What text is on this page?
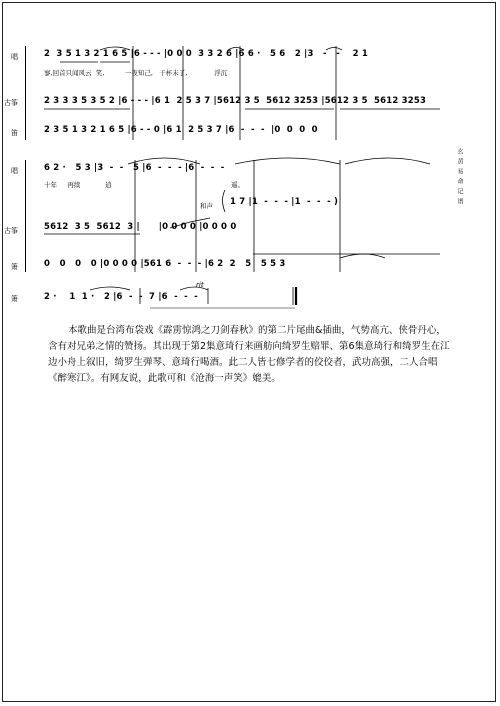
唱
古筝
笛
2  3 5 1 3 2 1 6 5 |6 - - - |0 0 0  3 3 2 6 |6 6 ·   5 6   2 |3   -   -    2 1
寥,回首只闻风云  笑,          一夜知己,   干杯未了,             浮沉
2 3 3 3 5 3 5 2 |6 - - - |6 1  2 5 3 7 |5612 3 5  5612 3253 |5612 3 5  5612 3253
2 3 5 1 3 2 1 6 5 |6 - - 0 |6 1  2 5 3 7 |6  -  -  -  |0  0  0  0
唱
古筝
箫
6 2 ·   5 3 |3  -  -   5 |6  -  -  - |6  -  -  -
十年     再续            逍	遥。
和声 1 7 |1  -  -  - |1  -  -  - )
5612  3 5  5612  3 |      |0 0 0 0 |0 0 0 0
0   0   0   0 |0 0 0 0 |561 6  -  -  - |6 2  2   5   5 5 3
玄黄易命记谱
箫	2 ·    1  1 ·   2 |6  -  -  7 |6  -  -  -
rit
本歌曲是台湾布袋戏《霹雳惊鸿之刀剑春秋》的第二片尾曲&插曲，气势高亢、侠骨丹心，含有对兄弟之情的赞扬。其出现于第2集意琦行来画舫向绮罗生赔罪、第6集意琦行和绮罗生在江边小舟上叙旧，绮罗生弹琴、意琦行喝酒。此二人皆七修学者的佼佼者，武功高强，二人合唱《醉寒江》。有网友说，此歌可和《沧海一声笑》媲美。
